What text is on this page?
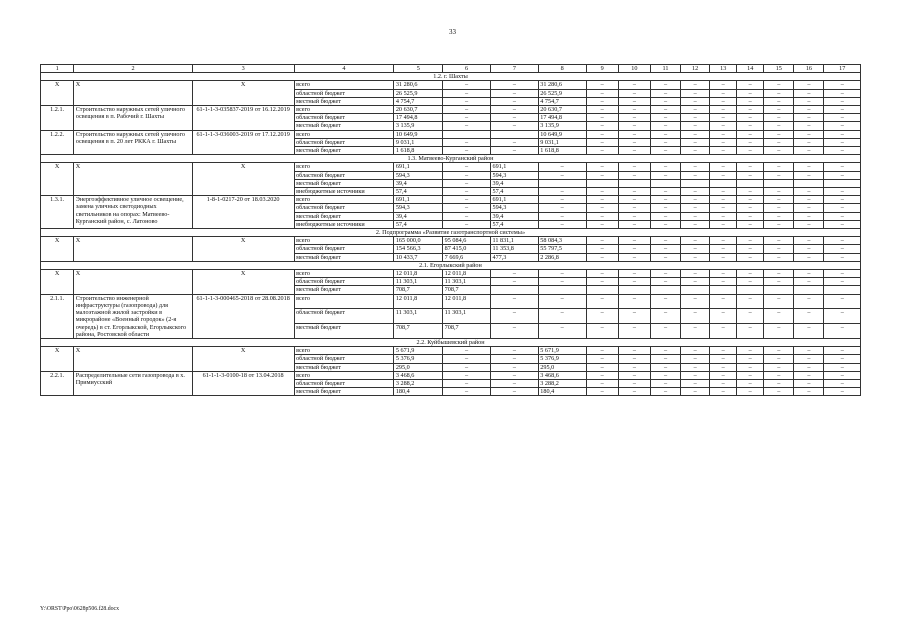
33
1	2	3	4	5	6	7	8	9	10	11	12	13	14	15	16	17
1.2. г. Шахты																
Х	Х	Х	всего	31 280,6	–	–	31 280,6	–	–	–	–	–	–	–	–	–
			областной бюджет	26 525,9	–	–	26 525,9	–	–	–	–	–	–	–	–	–
			местный бюджет	4 754,7	–	–	4 754,7	–	–	–	–	–	–	–	–	–
1.2.1.	Строительство наружных сетей уличного освещения в п. Рабочий г. Шахты	61-1-1-3-035837-2019 от 16.12.2019	всего	20 630,7	–	–	20 630,7	–	–	–	–	–	–	–	–	–
			областной бюджет	17 494,8	–	–	17 494,8	–	–	–	–	–	–	–	–	–
			местный бюджет	3 135,9	–	–	3 135,9	–	–	–	–	–	–	–	–	–
1.2.2.	Строительство наружных сетей уличного освещения в п. 20 лет РККА г. Шахты	61-1-1-3-036003-2019 от 17.12.2019	всего	10 649,9			10 649,9	–	–	–	–	–	–	–	–	–
			областной бюджет	9 031,1	–	–	9 031,1	–	–	–	–	–	–	–	–	–
			местный бюджет	1 618,8	–	–	1 618,8	–	–	–	–	–	–	–	–	–
1.3. Матвеево-Курганский район																
Х	Х	Х	всего	691,1	–	691,1	–	–	–	–	–	–	–	–	–	–
			областной бюджет	594,3	–	594,3	–	–	–	–	–	–	–	–	–	–
			местный бюджет	39,4	–	39,4										
			внебюджетные источники	57,4	–	57,4	–	–	–	–	–	–	–	–	–	–
1.3.1.	Энергоэффективное уличное освещение, замена уличных светодиодных светильников на опорах: Матвеево-Курганский район, с. Латоново	1-8-1-0217-20 от 18.03.2020	всего	691,1	–	691,1	–	–	–	–	–	–	–	–	–	–
			областной бюджет	594,3	–	594,3	–	–	–	–	–	–	–	–	–	–
			местный бюджет	39,4	–	39,4	–	–	–	–	–	–	–	–	–	–
			внебюджетные источники	57,4	–	57,4	–	–	–	–	–	–	–	–	–	–
2. Подпрограмма «Развитие газотранспортной системы»																
Х	Х	Х	всего	165 000,0	95 084,6	11 831,1	58 084,3	–	–	–	–	–	–	–	–	–
			областной бюджет	154 566,3	87 415,0	11 353,8	55 797,5	–	–	–	–	–	–	–	–	–
			местный бюджет	10 433,7	7 669,6	477,3	2 286,8	–	–	–	–	–	–	–	–	–
2.1. Егорлыкский район																
Х	Х	Х	всего	12 011,8	12 011,8	–	–	–	–	–	–	–	–	–	–	–
			областной бюджет	11 303,1	11 303,1	–	–	–	–	–	–	–	–	–	–	–
			местный бюджет	708,7	708,7											
2.1.1.	Строительство инженерной инфраструктуры (газопровода) для малоэтажной жилой застройки в микрорайоне «Военный городок» (2-я очередь) в ст. Егорлыкской, Егорлыкского района, Ростовской области	61-1-1-3-000465-2018 от 28.08.2018	всего	12 011,8	12 011,8	–	–	–	–	–	–	–	–	–	–	–
			областной бюджет	11 303,1	11 303,1	–	–	–	–	–	–	–	–	–	–	–
			местный бюджет	708,7	708,7	–	–	–	–	–	–	–	–	–	–	–
2.2. Куйбышевский район																
Х	Х	Х	всего	5 671,9	–	–	5 671,9	–	–	–	–	–	–	–	–	–
			областной бюджет	5 376,9	–	–	5 376,9	–	–	–	–	–	–	–	–	–
			местный бюджет	295,0	–	–	295,0	–	–	–	–	–	–	–	–	–
2.2.1.	Распределительные сети газопровода в х. Примиусский	61-1-1-3-0100-18 от 13.04.2018	всего	3 468,6	–	–	3 468,6	–	–	–	–	–	–	–	–	–
			областной бюджет	3 288,2	–	–	3 288,2	–	–	–	–	–	–	–	–	–
			местный бюджет	180,4	–	–	180,4	–	–	–	–	–	–	–	–	–
Y:\ORST\Ppo\0628p506.f28.docx
